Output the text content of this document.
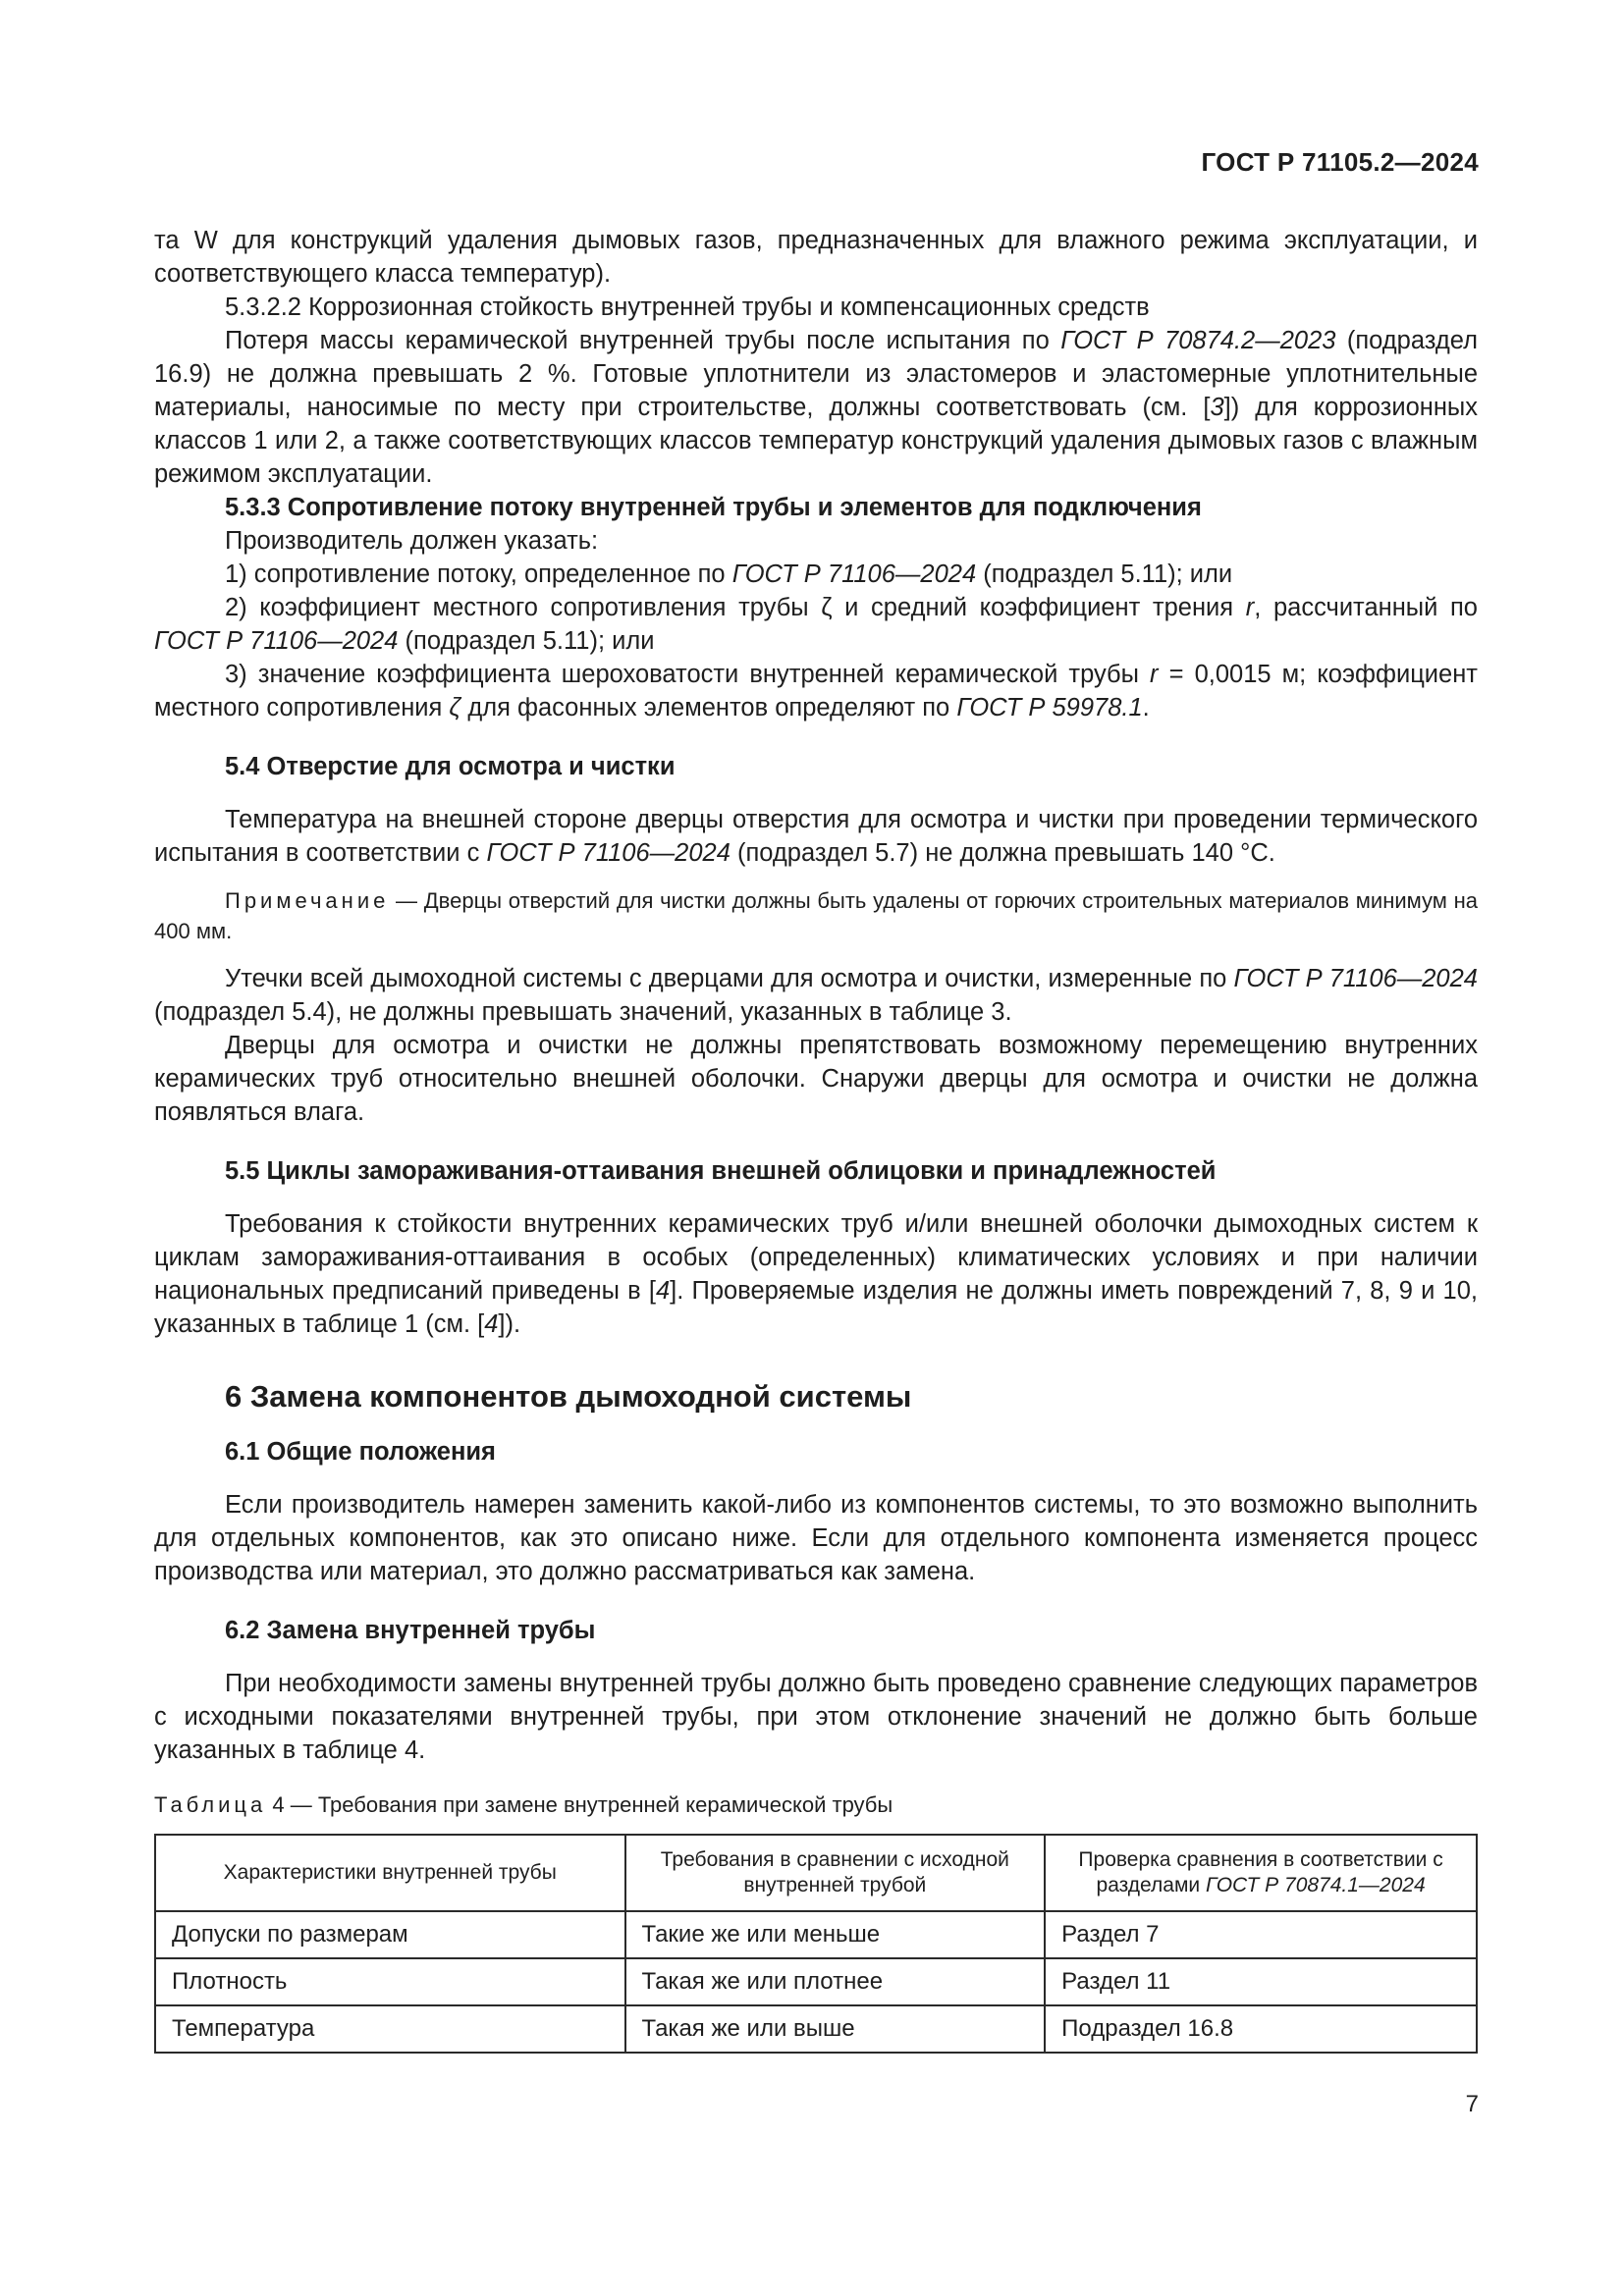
ГОСТ Р 71105.2—2024

та W для конструкций удаления дымовых газов, предназначенных для влажного режима эксплуатации, и соответствующего класса температур).

5.3.2.2 Коррозионная стойкость внутренней трубы и компенсационных средств

Потеря массы керамической внутренней трубы после испытания по ГОСТ Р 70874.2—2023 (подраздел 16.9) не должна превышать 2 %. Готовые уплотнители из эластомеров и эластомерные уплотнительные материалы, наносимые по месту при строительстве, должны соответствовать (см. [3]) для коррозионных классов 1 или 2, а также соответствующих классов температур конструкций удаления дымовых газов с влажным режимом эксплуатации.

5.3.3 Сопротивление потоку внутренней трубы и элементов для подключения

Производитель должен указать:

1) сопротивление потоку, определенное по ГОСТ Р 71106—2024 (подраздел 5.11); или

2) коэффициент местного сопротивления трубы ζ и средний коэффициент трения r, рассчитанный по ГОСТ Р 71106—2024 (подраздел 5.11); или

3) значение коэффициента шероховатости внутренней керамической трубы r = 0,0015 м; коэффициент местного сопротивления ζ для фасонных элементов определяют по ГОСТ Р 59978.1.

5.4 Отверстие для осмотра и чистки

Температура на внешней стороне дверцы отверстия для осмотра и чистки при проведении термического испытания в соответствии с ГОСТ Р 71106—2024 (подраздел 5.7) не должна превышать 140 °С.

Примечание — Дверцы отверстий для чистки должны быть удалены от горючих строительных материалов минимум на 400 мм.

Утечки всей дымоходной системы с дверцами для осмотра и очистки, измеренные по ГОСТ Р 71106—2024 (подраздел 5.4), не должны превышать значений, указанных в таблице 3.

Дверцы для осмотра и очистки не должны препятствовать возможному перемещению внутренних керамических труб относительно внешней оболочки. Снаружи дверцы для осмотра и очистки не должна появляться влага.

5.5 Циклы замораживания-оттаивания внешней облицовки и принадлежностей

Требования к стойкости внутренних керамических труб и/или внешней оболочки дымоходных систем к циклам замораживания-оттаивания в особых (определенных) климатических условиях и при наличии национальных предписаний приведены в [4]. Проверяемые изделия не должны иметь повреждений 7, 8, 9 и 10, указанных в таблице 1 (см. [4]).

6 Замена компонентов дымоходной системы

6.1 Общие положения

Если производитель намерен заменить какой-либо из компонентов системы, то это возможно выполнить для отдельных компонентов, как это описано ниже. Если для отдельного компонента изменяется процесс производства или материал, это должно рассматриваться как замена.

6.2 Замена внутренней трубы

При необходимости замены внутренней трубы должно быть проведено сравнение следующих параметров с исходными показателями внутренней трубы, при этом отклонение значений не должно быть больше указанных в таблице 4.

Таблица 4 — Требования при замене внутренней керамической трубы

Характеристики внутренней трубы	Требования в сравнении с исходной внутренней трубой	Проверка сравнения в соответствии с разделами ГОСТ Р 70874.1—2024
Допуски по размерам	Такие же или меньше	Раздел 7
Плотность	Такая же или плотнее	Раздел 11
Температура	Такая же или выше	Подраздел 16.8
7
